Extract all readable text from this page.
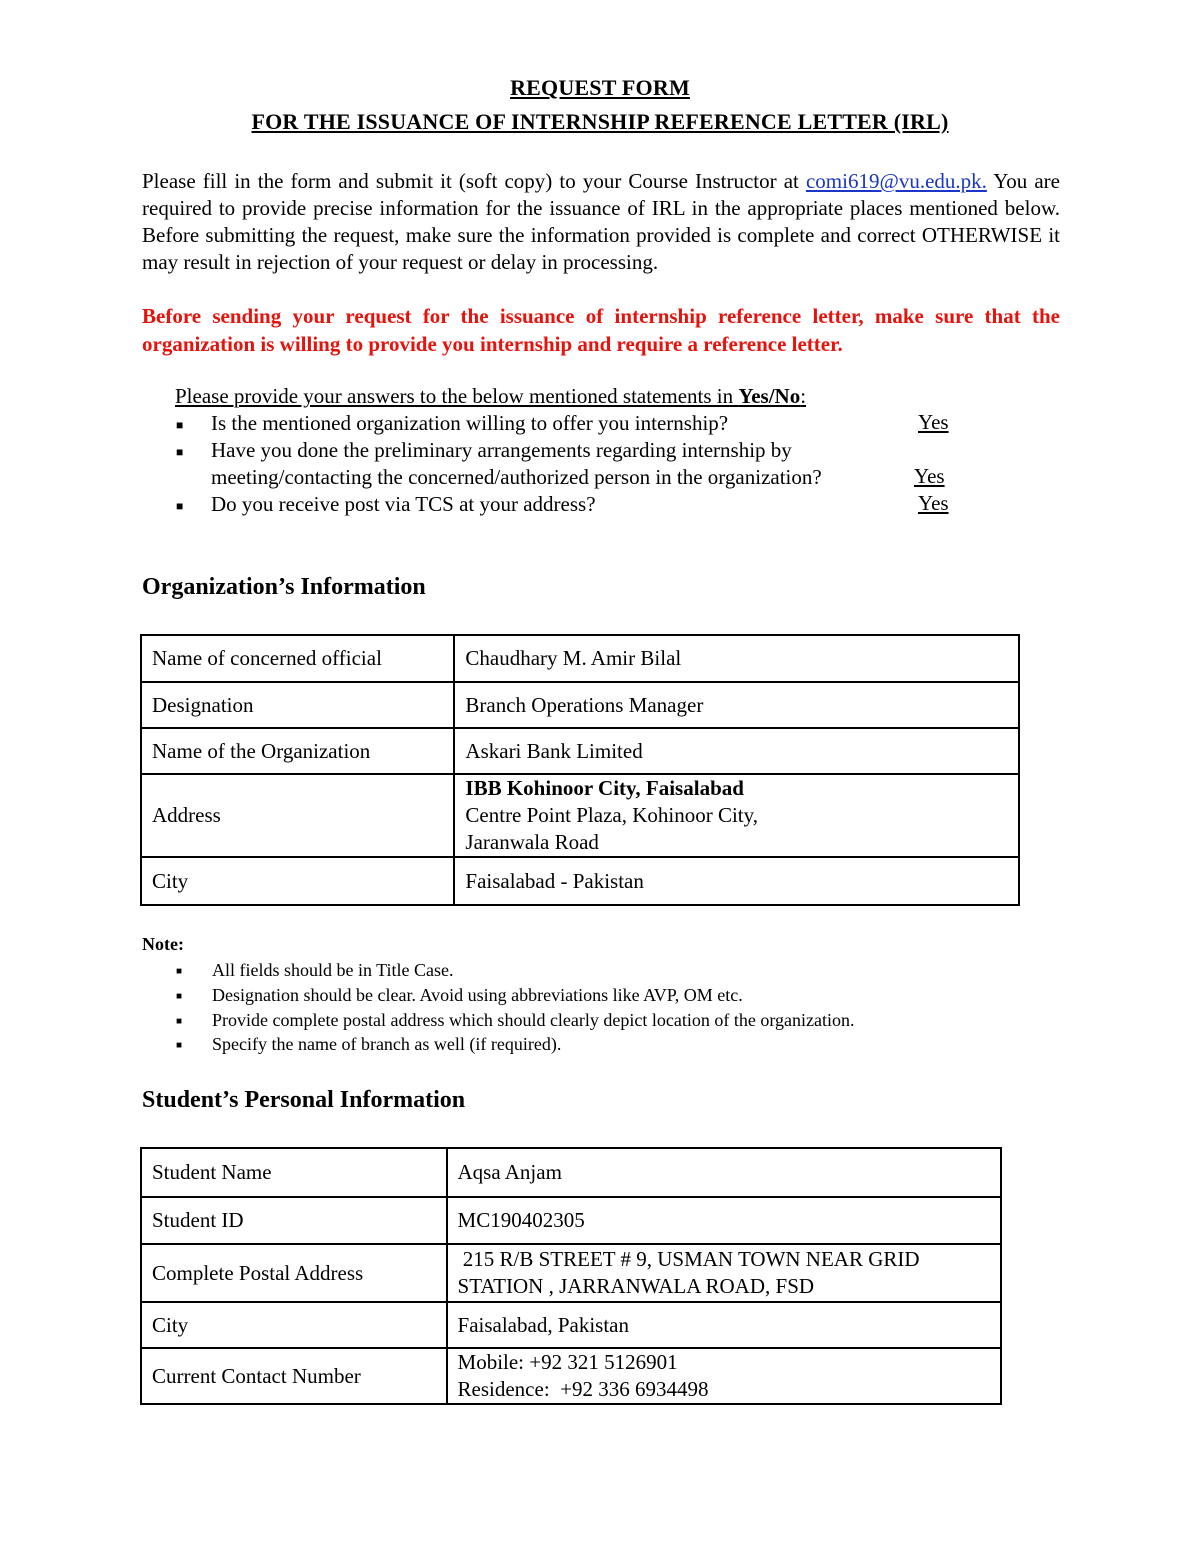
REQUEST FORM
FOR THE ISSUANCE OF INTERNSHIP REFERENCE LETTER (IRL)
Please fill in the form and submit it (soft copy) to your Course Instructor at comi619@vu.edu.pk. You are required to provide precise information for the issuance of IRL in the appropriate places mentioned below. Before submitting the request, make sure the information provided is complete and correct OTHERWISE it may result in rejection of your request or delay in processing.
Before sending your request for the issuance of internship reference letter, make sure that the organization is willing to provide you internship and require a reference letter.
Please provide your answers to the below mentioned statements in Yes/No:
■ Is the mentioned organization willing to offer you internship?	Yes
■ Have you done the preliminary arrangements regarding internship by
meeting/contacting the concerned/authorized person in the organization?	Yes
■ Do you receive post via TCS at your address?	Yes
Organization’s Information
Name of concerned official	Chaudhary M. Amir Bilal
Designation	Branch Operations Manager
Name of the Organization	Askari Bank Limited
Address	IBB Kohinoor City, Faisalabad
Centre Point Plaza, Kohinoor City,
Jaranwala Road

City	Faisalabad - Pakistan
Note:
■ All fields should be in Title Case.
■ Designation should be clear. Avoid using abbreviations like AVP, OM etc.
■ Provide complete postal address which should clearly depict location of the organization.
■ Specify the name of branch as well (if required).
Student’s Personal Information
Student Name	Aqsa Anjam
Student ID	MC190402305
Complete Postal Address	215 R/B STREET # 9, USMAN TOWN NEAR GRID
STATION , JARRANWALA ROAD, FSD

City	Faisalabad, Pakistan
Current Contact Number	Mobile: +92 321 5126901
Residence:  +92 336 6934498
